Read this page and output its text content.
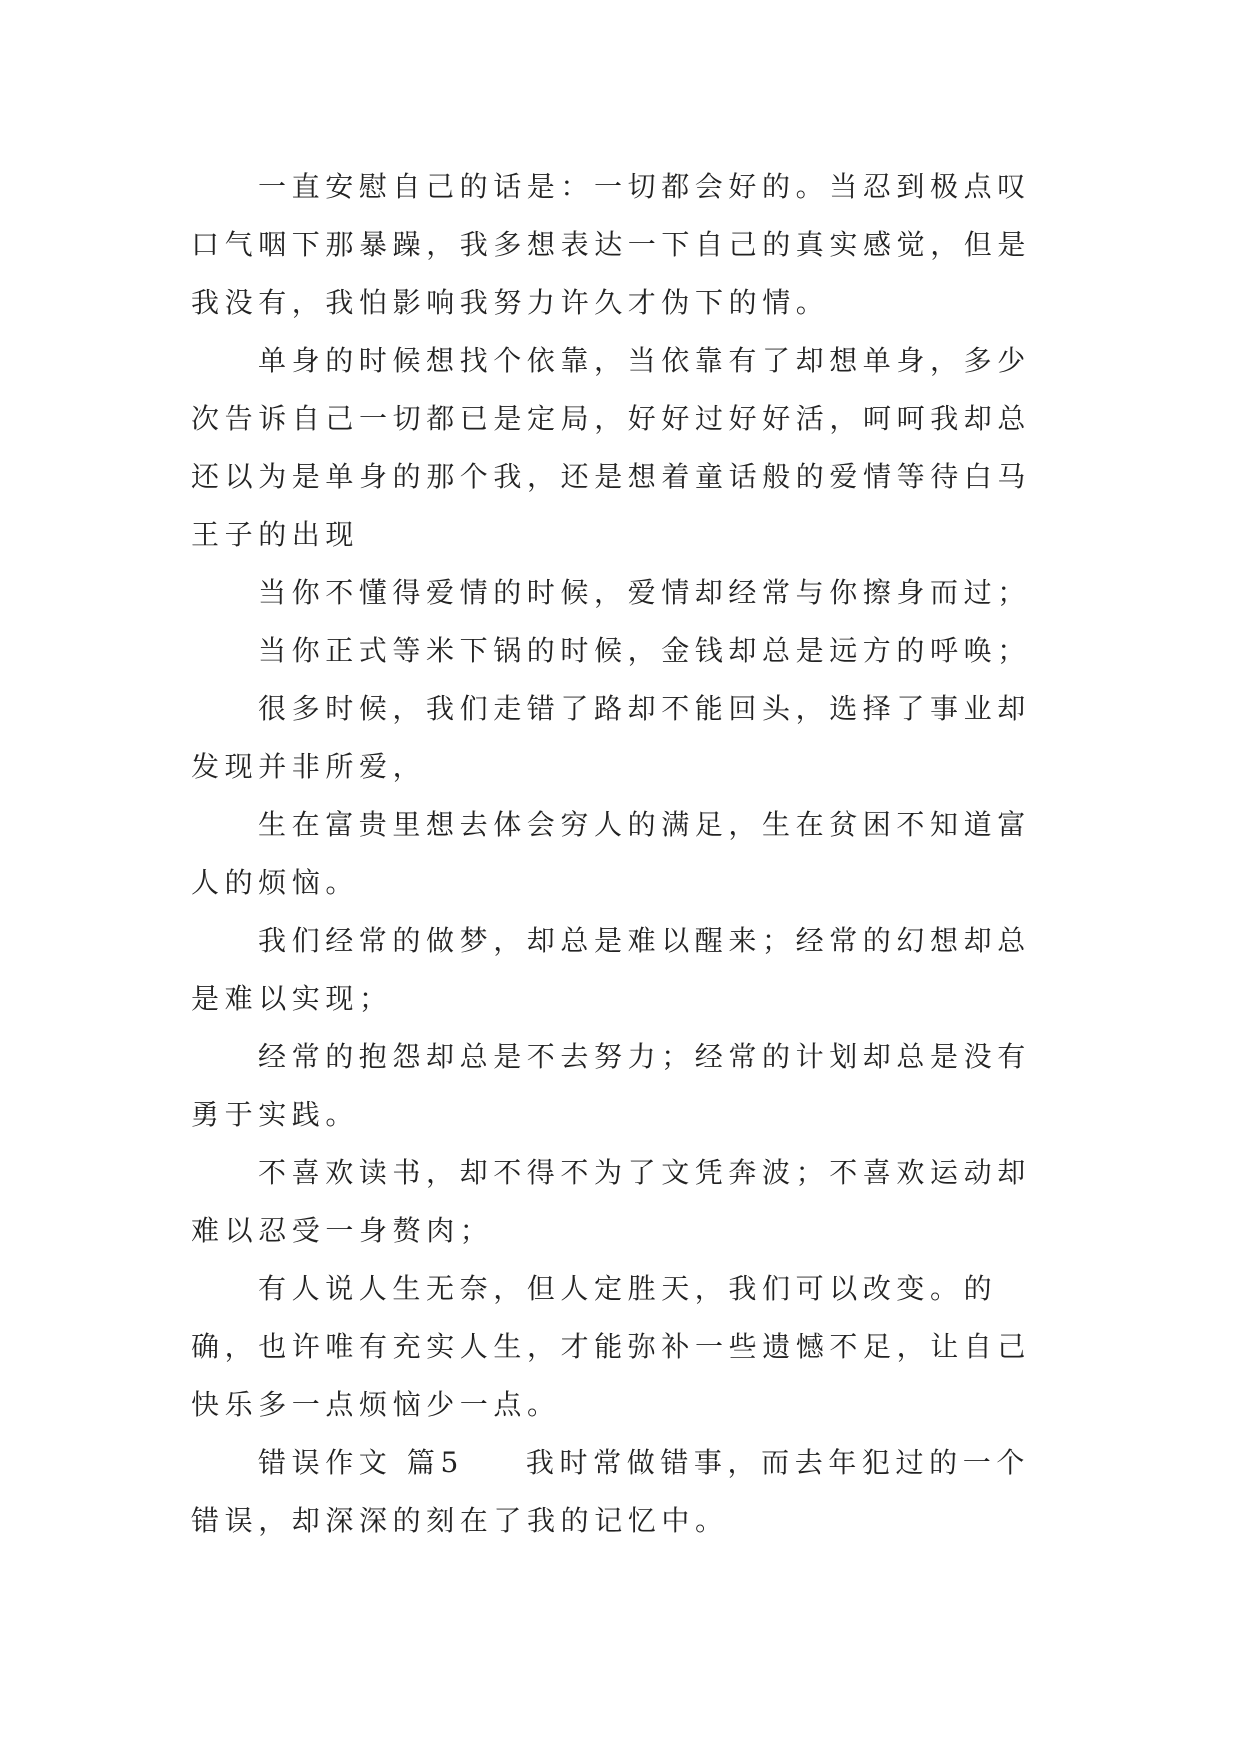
一直安慰自己的话是：一切都会好的。当忍到极点叹口气咽下那暴躁，我多想表达一下自己的真实感觉，但是我没有，我怕影响我努力许久才伪下的情。

单身的时候想找个依靠，当依靠有了却想单身，多少次告诉自己一切都已是定局，好好过好好活，呵呵我却总还以为是单身的那个我，还是想着童话般的爱情等待白马王子的出现

当你不懂得爱情的时候，爱情却经常与你擦身而过；

当你正式等米下锅的时候，金钱却总是远方的呼唤；

很多时候，我们走错了路却不能回头，选择了事业却发现并非所爱，

生在富贵里想去体会穷人的满足，生在贫困不知道富人的烦恼。

我们经常的做梦，却总是难以醒来；经常的幻想却总是难以实现；

经常的抱怨却总是不去努力；经常的计划却总是没有勇于实践。

不喜欢读书，却不得不为了文凭奔波；不喜欢运动却难以忍受一身赘肉；

有人说人生无奈，但人定胜天，我们可以改变。的确，也许唯有充实人生，才能弥补一些遗憾不足，让自己快乐多一点烦恼少一点。

错误作文 篇5 我时常做错事，而去年犯过的一个错误，却深深的刻在了我的记忆中。
